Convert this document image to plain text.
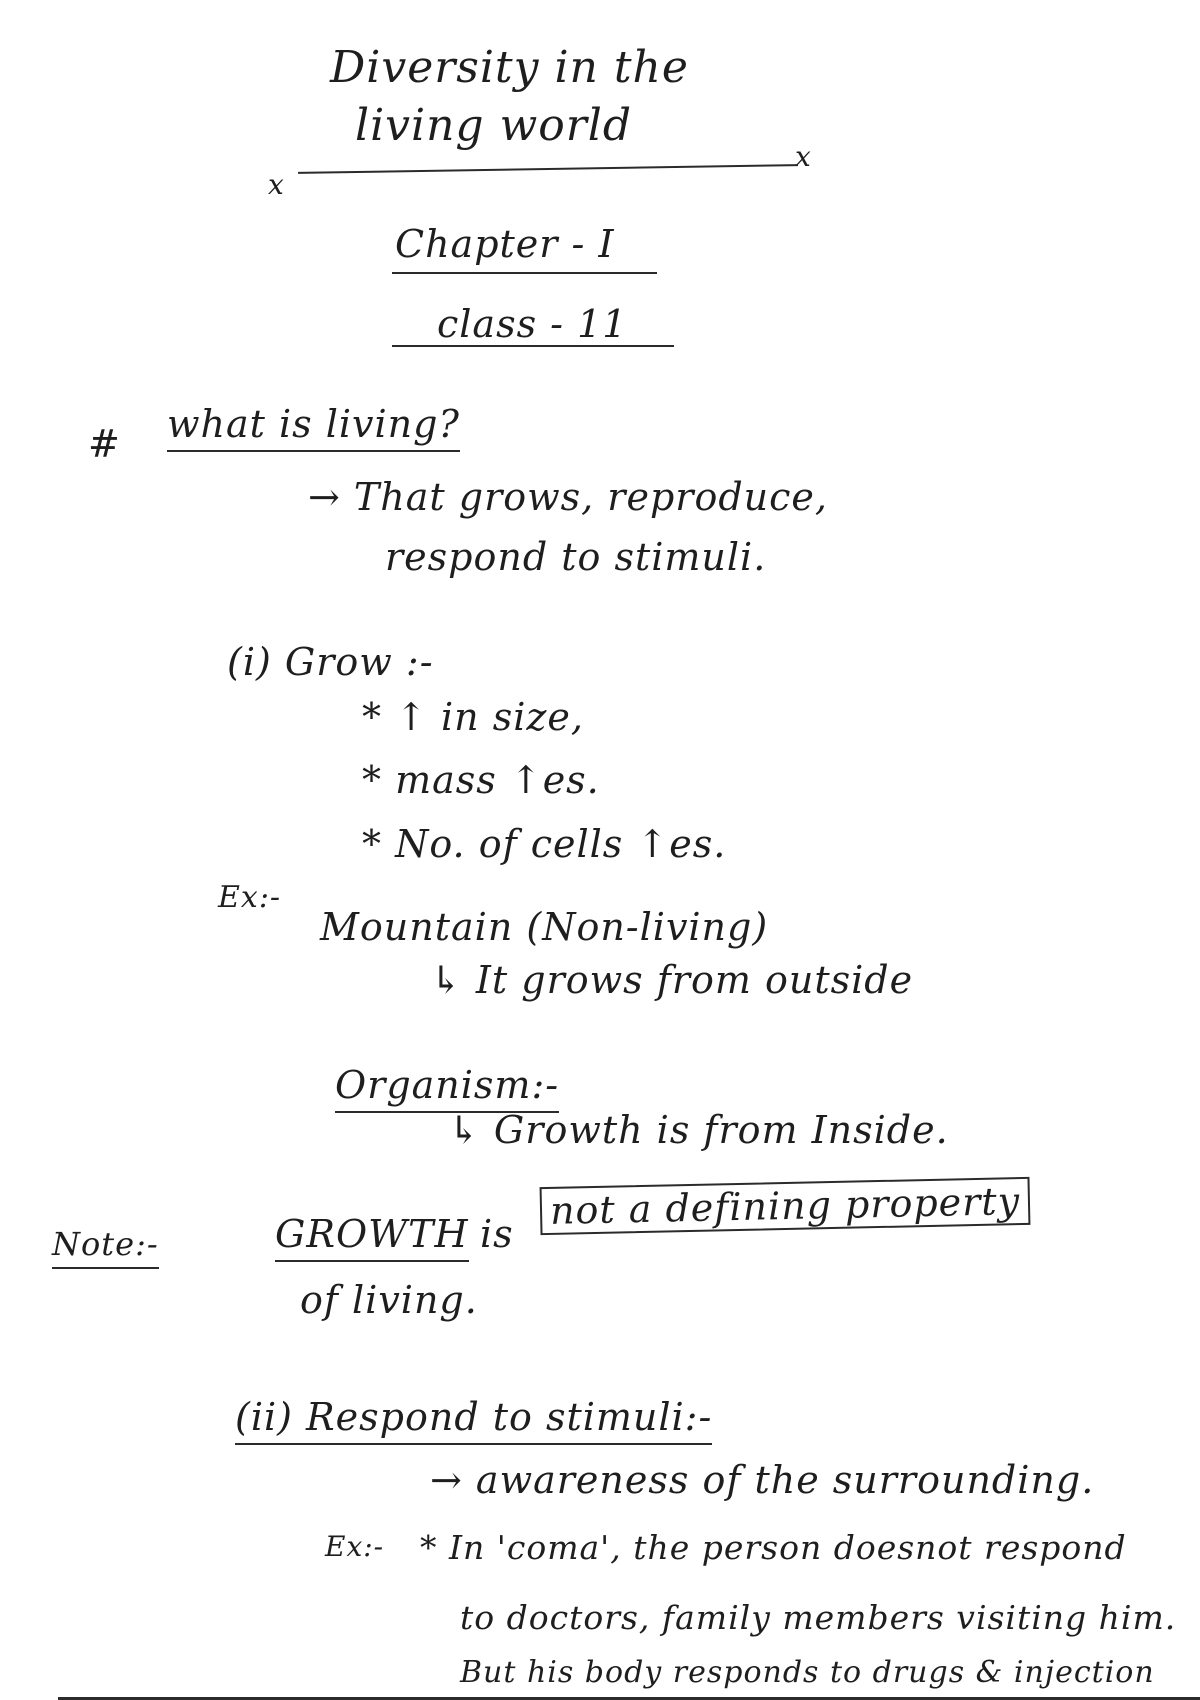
Diversity in the
living world
x
x
Chapter - I
class - 11
# what is living?
→ That grows, reproduce,
respond to stimuli.
(i) Grow :-
* ↑ in size,
* mass ↑es.
* No. of cells ↑es.
Ex:-
Mountain (Non-living)
↳ It grows from outside
Organism:-
↳ Growth is from Inside.
Note:-	GROWTH is
not a defining property
of living.
(ii) Respond to stimuli:-
→ awareness of the surrounding.
Ex:- * In 'coma', the person doesnot respond
to doctors, family members visiting him.
But his body responds to drugs & injection
